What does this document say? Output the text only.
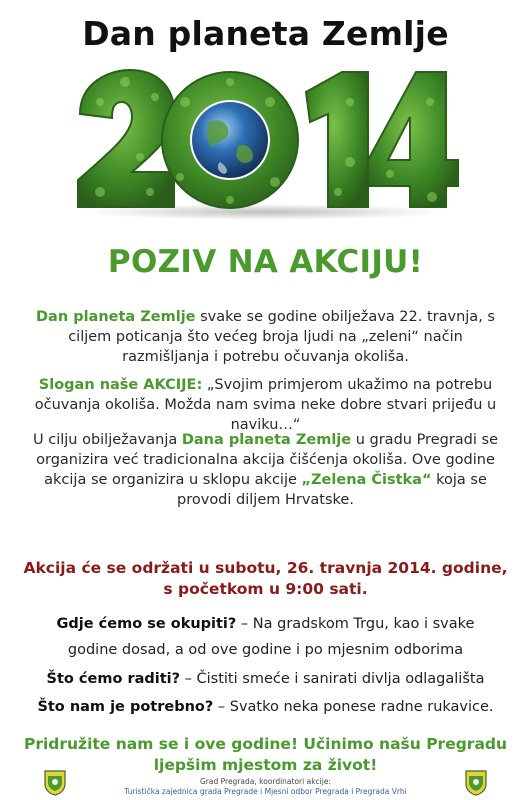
Dan planeta Zemlje
POZIV NA AKCIJU!
Dan planeta Zemlje svake se godine obilježava 22. travnja, s ciljem poticanja što većeg broja ljudi na „zeleni“ način razmišljanja i potrebu očuvanja okoliša.
Slogan naše AKCIJE: „Svojim primjerom ukažimo na potrebu očuvanja okoliša. Možda nam svima neke dobre stvari prijeđu u naviku…“
U cilju obilježavanja Dana planeta Zemlje u gradu Pregradi se organizira već tradicionalna akcija čišćenja okoliša. Ove godine akcija se organizira u sklopu akcije „Zelena Čistka“ koja se provodi diljem Hrvatske.
Akcija će se održati u subotu, 26. travnja 2014. godine, s početkom u 9:00 sati.
Gdje ćemo se okupiti? – Na gradskom Trgu, kao i svake
godine dosad, a od ove godine i po mjesnim odborima
Što ćemo raditi? – Čistiti smeće i sanirati divlja odlagališta
Što nam je potrebno? – Svatko neka ponese radne rukavice.
Pridružite nam se i ove godine! Učinimo našu Pregradu ljepšim mjestom za život!
Grad Pregrada, koordinatori akcije:
Turistička zajednica grada Pregrade i Mjesni odbor Pregrada i Pregrada Vrhi
